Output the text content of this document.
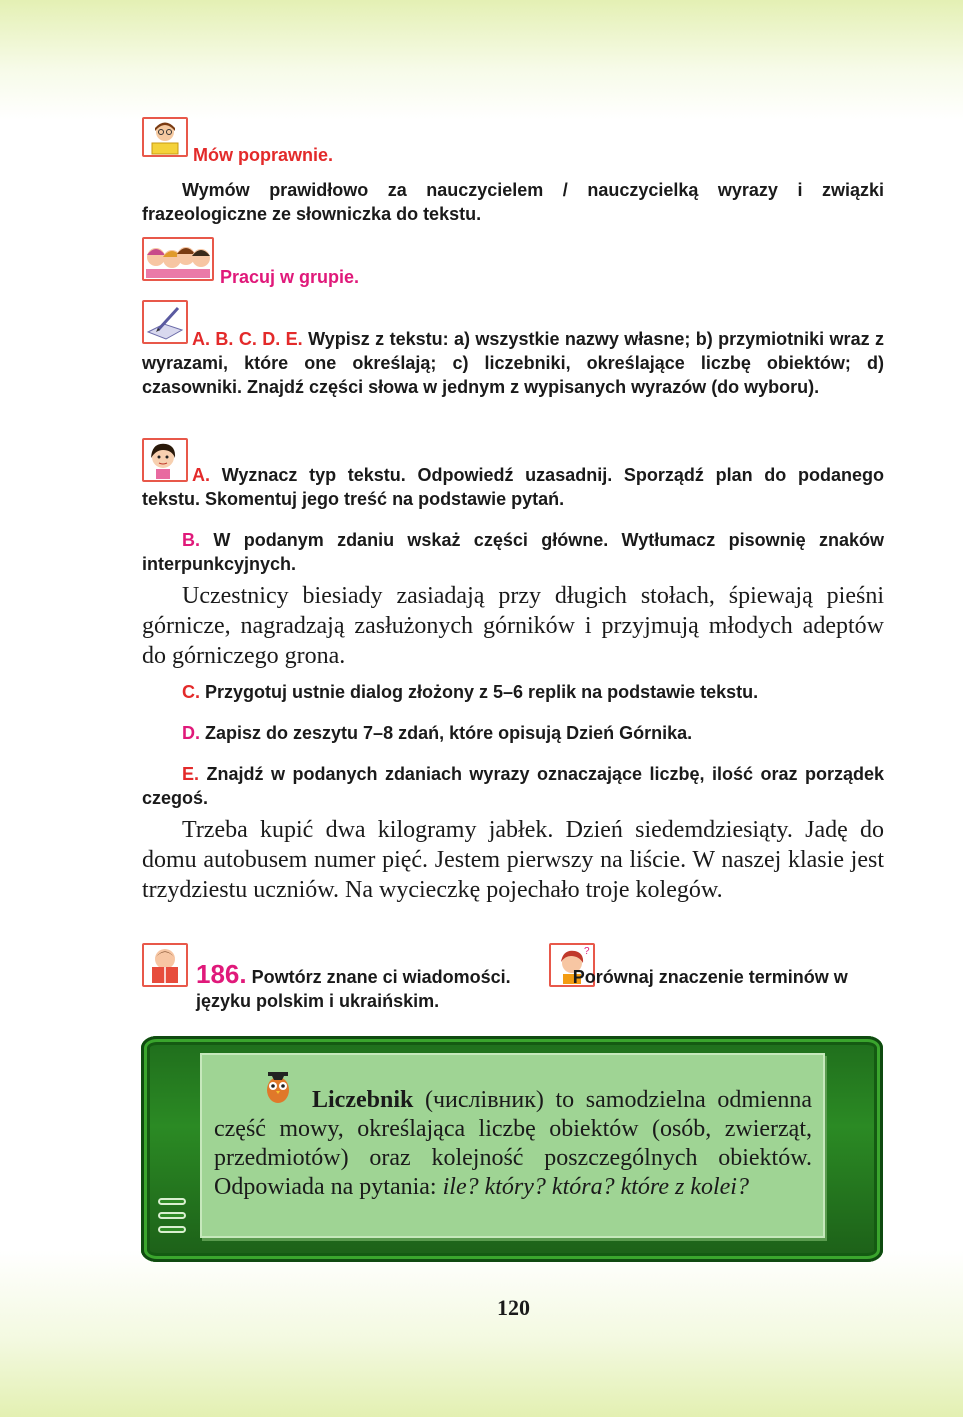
Mów poprawnie.
Wymów prawidłowo za nauczycielem / nauczycielką wyrazy i związki frazeologiczne ze słowniczka do tekstu.
Pracuj w grupie.
A. B. C. D. E. Wypisz z tekstu: a) wszystkie nazwy własne; b) przymiotniki wraz z wyrazami, które one określają; c) liczebniki, określające liczbę obiektów; d) czasowniki. Znajdź części słowa w jednym z wypisanych wyrazów (do wyboru).
A. Wyznacz typ tekstu. Odpowiedź uzasadnij. Sporządź plan do podanego tekstu. Skomentuj jego treść na podstawie pytań.
B. W podanym zdaniu wskaż części główne. Wytłumacz pisownię znaków interpunkcyjnych.
Uczestnicy biesiady zasiadają przy długich stołach, śpiewają pieśni górnicze, nagradzają zasłużonych górników i przyjmują młodych adeptów do górniczego grona.
C. Przygotuj ustnie dialog złożony z 5–6 replik na podstawie tekstu.
D. Zapisz do zeszytu 7–8 zdań, które opisują Dzień Górnika.
E. Znajdź w podanych zdaniach wyrazy oznaczające liczbę, ilość oraz porządek czegoś.
Trzeba kupić dwa kilogramy jabłek. Dzień siedemdziesiąty. Jadę do domu autobusem numer pięć. Jestem pierwszy na liście. W naszej klasie jest trzydziestu uczniów. Na wycieczkę pojechało troje kolegów.
?
186. Powtórz znane ci wiadomości.	Porównaj znaczenie terminów w języku polskim i ukraińskim.
Liczebnik (числівник) to samodzielna odmienna część mowy, określająca liczbę obiektów (osób, zwierząt, przedmiotów) oraz kolejność poszczególnych obiektów. Odpowiada na pytania: ile? który? która? które z kolei?
120
